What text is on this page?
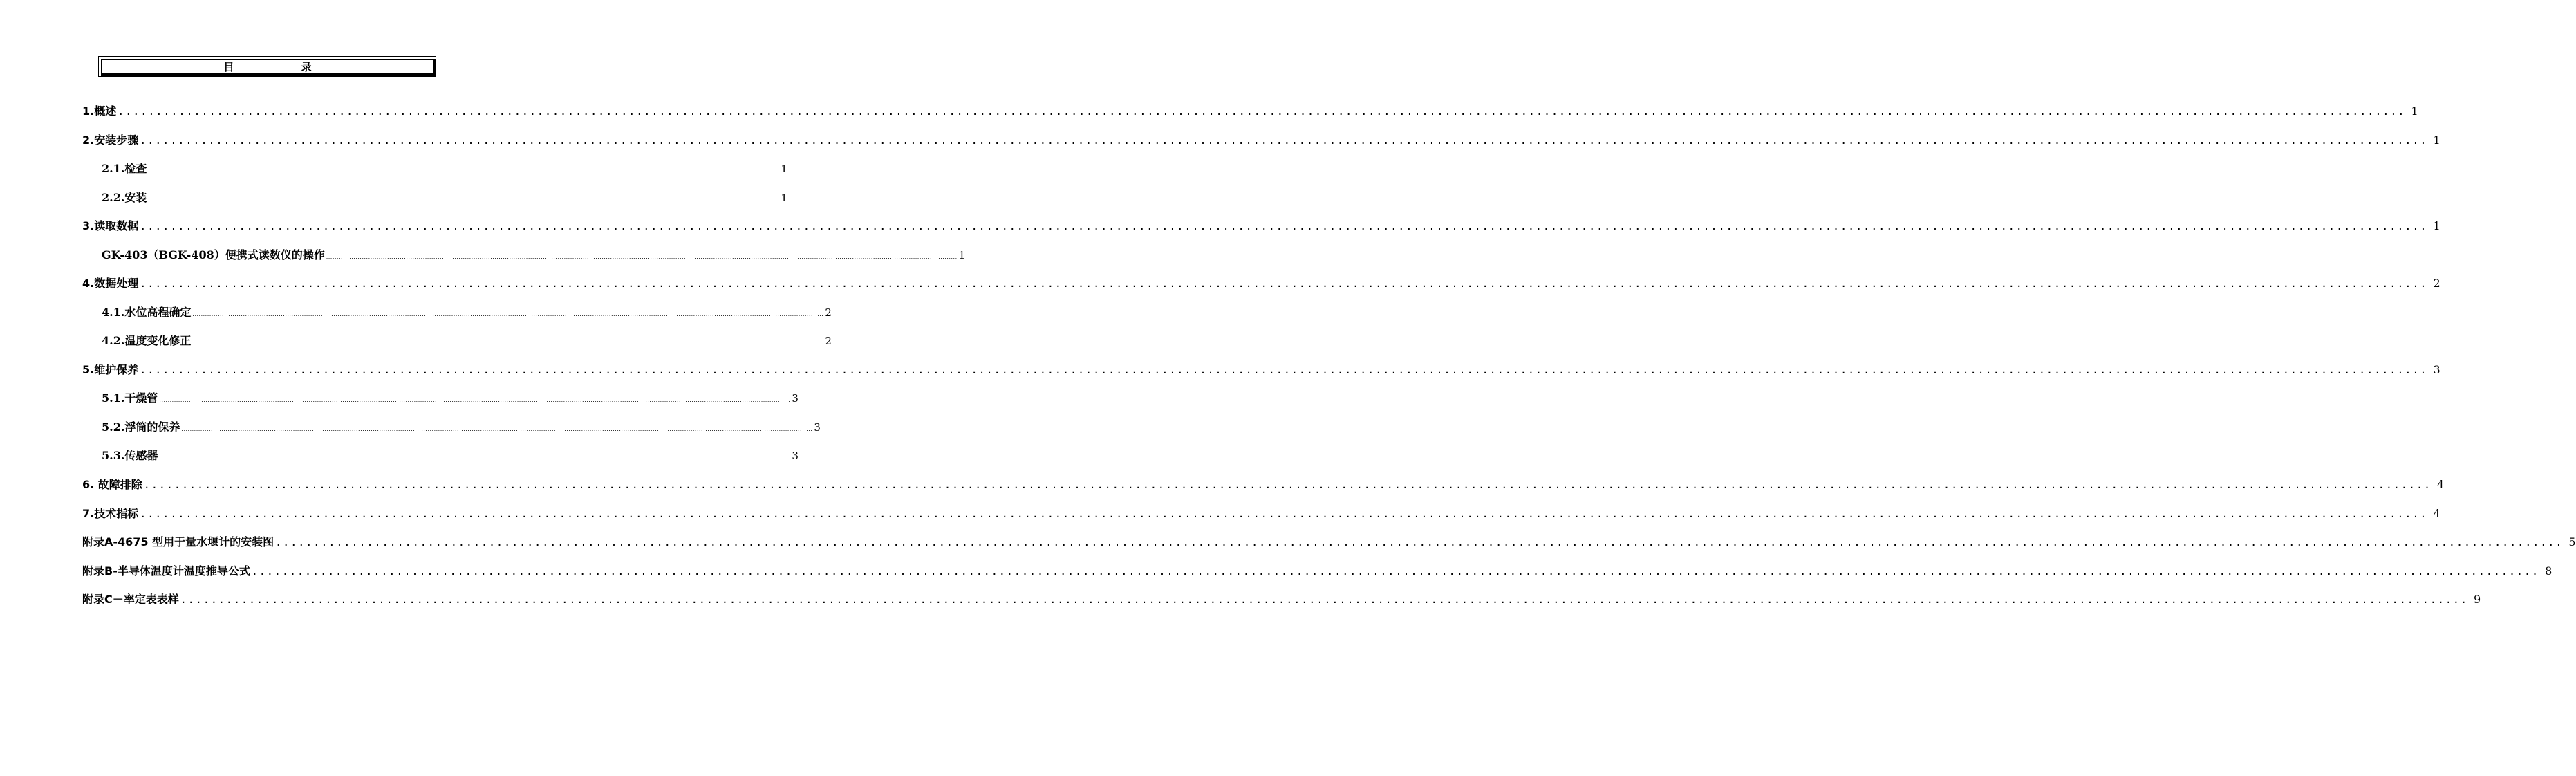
目 录
1.概述 ............................................................................................................................................................................................................................................................................................................ 1
2.安装步骤 ............................................................................................................................................................................................................................................................................................................ 1
2.1.检查 ............................................................................................................................................................................................................................................................................................................ 1
2.2.安装 ............................................................................................................................................................................................................................................................................................................ 1
3.读取数据 ............................................................................................................................................................................................................................................................................................................ 1
GK-403（BGK-408）便携式读数仪的操作 ............................................................................................................................................................................................................................................................................................................ 1
4.数据处理 ............................................................................................................................................................................................................................................................................................................ 2
4.1.水位高程确定 ............................................................................................................................................................................................................................................................................................................ 2
4.2.温度变化修正 ............................................................................................................................................................................................................................................................................................................ 2
5.维护保养 ............................................................................................................................................................................................................................................................................................................ 3
5.1.干燥管 ............................................................................................................................................................................................................................................................................................................ 3
5.2.浮筒的保养 ............................................................................................................................................................................................................................................................................................................ 3
5.3.传感器 ............................................................................................................................................................................................................................................................................................................ 3
6. 故障排除 ............................................................................................................................................................................................................................................................................................................ 4
7.技术指标 ............................................................................................................................................................................................................................................................................................................ 4
附录A-4675 型用于量水堰计的安装图 ............................................................................................................................................................................................................................................................................................................ 5
附录B-半导体温度计温度推导公式 ............................................................................................................................................................................................................................................................................................................ 8
附录C－率定表表样 ............................................................................................................................................................................................................................................................................................................ 9
